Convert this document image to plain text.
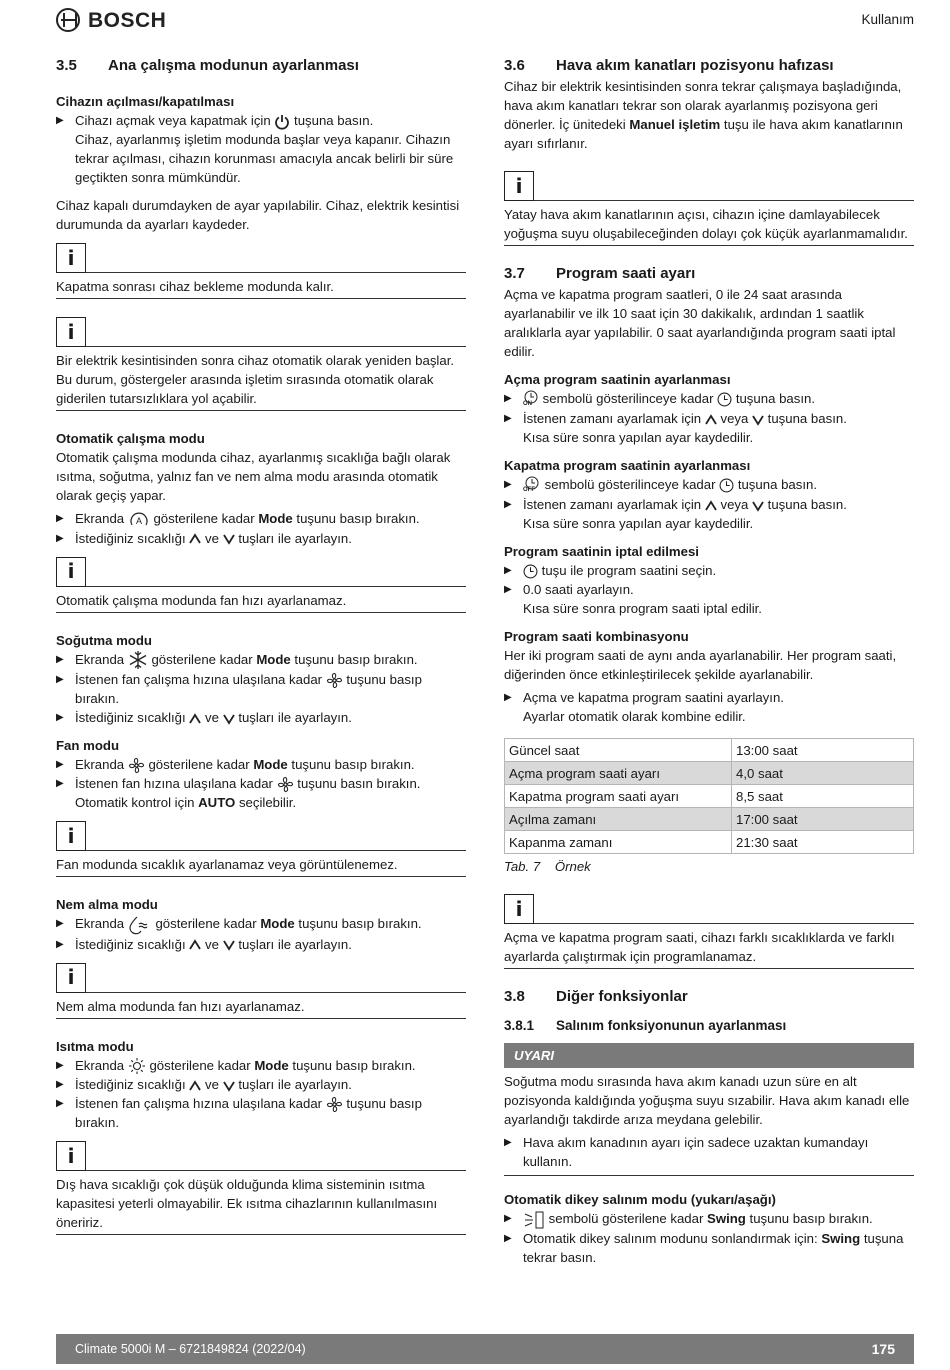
BOSCH	Kullanım
3.5	Ana çalışma modunun ayarlanması
Cihazın açılması/kapatılması
▶ Cihazı açmak veya kapatmak için tuşuna basın.
Cihaz, ayarlanmış işletim modunda başlar veya kapanır. Cihazın tekrar açılması, cihazın korunması amacıyla ancak belirli bir süre geçtikten sonra mümkündür.

Cihaz kapalı durumdayken de ayar yapılabilir. Cihaz, elektrik kesintisi durumunda da ayarları kaydeder.

i

Kapatma sonrası cihaz bekleme modunda kalır.

i

Bir elektrik kesintisinden sonra cihaz otomatik olarak yeniden başlar. Bu durum, göstergeler arasında işletim sırasında otomatik olarak giderilen tutarsızlıklara yol açabilir.

Otomatik çalışma modu

Otomatik çalışma modunda cihaz, ayarlanmış sıcaklığa bağlı olarak ısıtma, soğutma, yalnız fan ve nem alma modu arasında otomatik olarak geçiş yapar.

▶ Ekranda A gösterilene kadar Mode tuşunu basıp bırakın.
▶ İstediğiniz sıcaklığı ve tuşları ile ayarlayın.
i

Otomatik çalışma modunda fan hızı ayarlanamaz.

Soğutma modu
▶ Ekranda gösterilene kadar Mode tuşunu basıp bırakın.
▶ İstenen fan çalışma hızına ulaşılana kadar tuşunu basıp bırakın.
▶ İstediğiniz sıcaklığı ve tuşları ile ayarlayın.
Fan modu
▶ Ekranda gösterilene kadar Mode tuşunu basıp bırakın.
▶ İstenen fan hızına ulaşılana kadar tuşunu basın bırakın. Otomatik kontrol için AUTO seçilebilir.
i

Fan modunda sıcaklık ayarlanamaz veya görüntülenemez.

Nem alma modu
▶ Ekranda gösterilene kadar Mode tuşunu basıp bırakın.
▶ İstediğiniz sıcaklığı ve tuşları ile ayarlayın.
i

Nem alma modunda fan hızı ayarlanamaz.

Isıtma modu
▶ Ekranda gösterilene kadar Mode tuşunu basıp bırakın.
▶ İstediğiniz sıcaklığı ve tuşları ile ayarlayın.
▶ İstenen fan çalışma hızına ulaşılana kadar tuşunu basıp bırakın.
i

Dış hava sıcaklığı çok düşük olduğunda klima sisteminin ısıtma kapasitesi yeterli olmayabilir. Ek ısıtma cihazlarının kullanılmasını öneririz.

3.6	Hava akım kanatları pozisyonu hafızası

Cihaz bir elektrik kesintisinden sonra tekrar çalışmaya başladığında, hava akım kanatları tekrar son olarak ayarlanmış pozisyona geri dönerler. İç ünitedeki Manuel işletim tuşu ile hava akım kanatlarının ayarı sıfırlanır.

i

Yatay hava akım kanatlarının açısı, cihazın içine damlayabilecek yoğuşma suyu oluşabileceğinden dolayı çok küçük ayarlanmamalıdır.

3.7	Program saati ayarı

Açma ve kapatma program saatleri, 0 ile 24 saat arasında ayarlanabilir ve ilk 10 saat için 30 dakikalık, ardından 1 saatlik aralıklarla ayar yapılabilir. 0 saat ayarlandığında program saati iptal edilir.

Açma program saatinin ayarlanması
▶
ON sembolü gösterilinceye kadar tuşuna basın.
▶ İstenen zamanı ayarlamak için veya tuşuna basın.
Kısa süre sonra yapılan ayar kaydedilir.
Kapatma program saatinin ayarlanması
▶
OFF sembolü gösterilinceye kadar tuşuna basın.
▶ İstenen zamanı ayarlamak için veya tuşuna basın.
Kısa süre sonra yapılan ayar kaydedilir.
Program saatinin iptal edilmesi
▶	tuşu ile program saatini seçin.
▶ 0.0 saati ayarlayın.
Kısa süre sonra program saati iptal edilir.
Program saati kombinasyonu

Her iki program saati de aynı anda ayarlanabilir. Her program saati, diğerinden önce etkinleştirilecek şekilde ayarlanabilir.

▶ Açma ve kapatma program saatini ayarlayın.
Ayarlar otomatik olarak kombine edilir.
Güncel saat	13:00 saat
Açma program saati ayarı	4,0 saat
Kapatma program saati ayarı	8,5 saat
Açılma zamanı	17:00 saat
Kapanma zamanı	21:30 saat
Tab. 7 Örnek
i

Açma ve kapatma program saati, cihazı farklı sıcaklıklarda ve farklı ayarlarda çalıştırmak için programlanamaz.

3.8	Diğer fonksiyonlar
3.8.1	Salınım fonksiyonunun ayarlanması
UYARI

Soğutma modu sırasında hava akım kanadı uzun süre en alt pozisyonda kaldığında yoğuşma suyu sızabilir. Hava akım kanadı elle ayarlandığı takdirde arıza meydana gelebilir.

▶ Hava akım kanadının ayarı için sadece uzaktan kumandayı kullanın.
Otomatik dikey salınım modu (yukarı/aşağı)
▶	sembolü gösterilene kadar Swing tuşunu basıp bırakın.
▶ Otomatik dikey salınım modunu sonlandırmak için: Swing tuşuna tekrar basın.
Climate 5000i M – 6721849824 (2022/04)	175
